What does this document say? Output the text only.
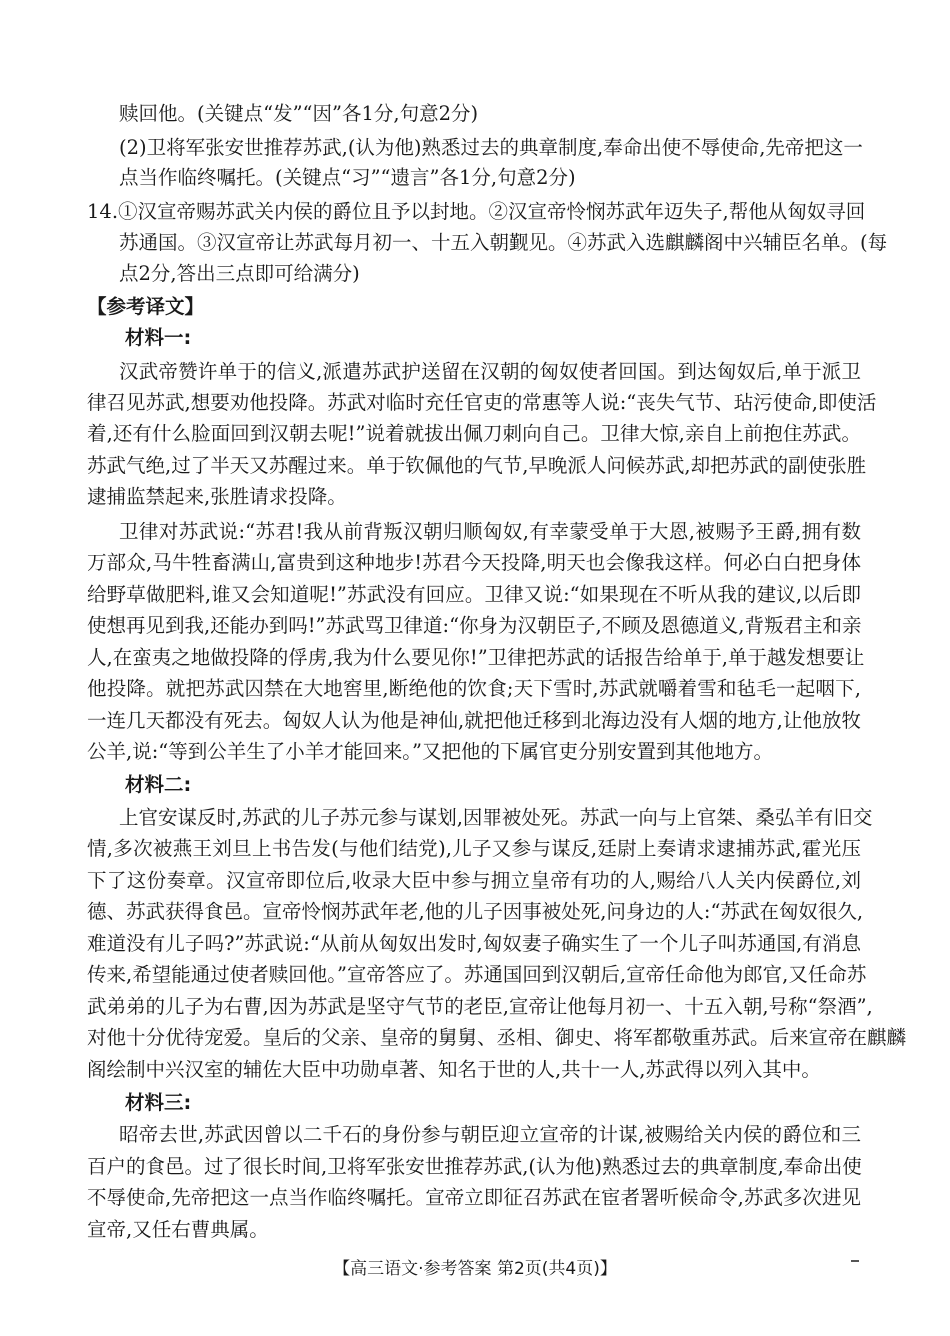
赎回他。(关键点“发”“因”各1分,句意2分)
(2)卫将军张安世推荐苏武,(认为他)熟悉过去的典章制度,奉命出使不辱使命,先帝把这一
点当作临终嘱托。(关键点“习”“遗言”各1分,句意2分)
14.①汉宣帝赐苏武关内侯的爵位且予以封地。②汉宣帝怜悯苏武年迈失子,帮他从匈奴寻回
苏通国。③汉宣帝让苏武每月初一、十五入朝觐见。④苏武入选麒麟阁中兴辅臣名单。(每
点2分,答出三点即可给满分)
【参考译文】
材料一:
汉武帝赞许单于的信义,派遣苏武护送留在汉朝的匈奴使者回国。到达匈奴后,单于派卫
律召见苏武,想要劝他投降。苏武对临时充任官吏的常惠等人说:“丧失气节、玷污使命,即使活
着,还有什么脸面回到汉朝去呢!”说着就拔出佩刀刺向自己。卫律大惊,亲自上前抱住苏武。
苏武气绝,过了半天又苏醒过来。单于钦佩他的气节,早晚派人问候苏武,却把苏武的副使张胜
逮捕监禁起来,张胜请求投降。
卫律对苏武说:“苏君!我从前背叛汉朝归顺匈奴,有幸蒙受单于大恩,被赐予王爵,拥有数
万部众,马牛牲畜满山,富贵到这种地步!苏君今天投降,明天也会像我这样。何必白白把身体
给野草做肥料,谁又会知道呢!”苏武没有回应。卫律又说:“如果现在不听从我的建议,以后即
使想再见到我,还能办到吗!”苏武骂卫律道:“你身为汉朝臣子,不顾及恩德道义,背叛君主和亲
人,在蛮夷之地做投降的俘虏,我为什么要见你!”卫律把苏武的话报告给单于,单于越发想要让
他投降。就把苏武囚禁在大地窖里,断绝他的饮食;天下雪时,苏武就嚼着雪和毡毛一起咽下,
一连几天都没有死去。匈奴人认为他是神仙,就把他迁移到北海边没有人烟的地方,让他放牧
公羊,说:“等到公羊生了小羊才能回来。”又把他的下属官吏分别安置到其他地方。
材料二:
上官安谋反时,苏武的儿子苏元参与谋划,因罪被处死。苏武一向与上官桀、桑弘羊有旧交
情,多次被燕王刘旦上书告发(与他们结党),儿子又参与谋反,廷尉上奏请求逮捕苏武,霍光压
下了这份奏章。汉宣帝即位后,收录大臣中参与拥立皇帝有功的人,赐给八人关内侯爵位,刘
德、苏武获得食邑。宣帝怜悯苏武年老,他的儿子因事被处死,问身边的人:“苏武在匈奴很久,
难道没有儿子吗?”苏武说:“从前从匈奴出发时,匈奴妻子确实生了一个儿子叫苏通国,有消息
传来,希望能通过使者赎回他。”宣帝答应了。苏通国回到汉朝后,宣帝任命他为郎官,又任命苏
武弟弟的儿子为右曹,因为苏武是坚守气节的老臣,宣帝让他每月初一、十五入朝,号称“祭酒”,
对他十分优待宠爱。皇后的父亲、皇帝的舅舅、丞相、御史、将军都敬重苏武。后来宣帝在麒麟
阁绘制中兴汉室的辅佐大臣中功勋卓著、知名于世的人,共十一人,苏武得以列入其中。
材料三:
昭帝去世,苏武因曾以二千石的身份参与朝臣迎立宣帝的计谋,被赐给关内侯的爵位和三
百户的食邑。过了很长时间,卫将军张安世推荐苏武,(认为他)熟悉过去的典章制度,奉命出使
不辱使命,先帝把这一点当作临终嘱托。宣帝立即征召苏武在宦者署听候命令,苏武多次进见
宣帝,又任右曹典属。
【高三语文·参考答案 第2页(共4页)】
